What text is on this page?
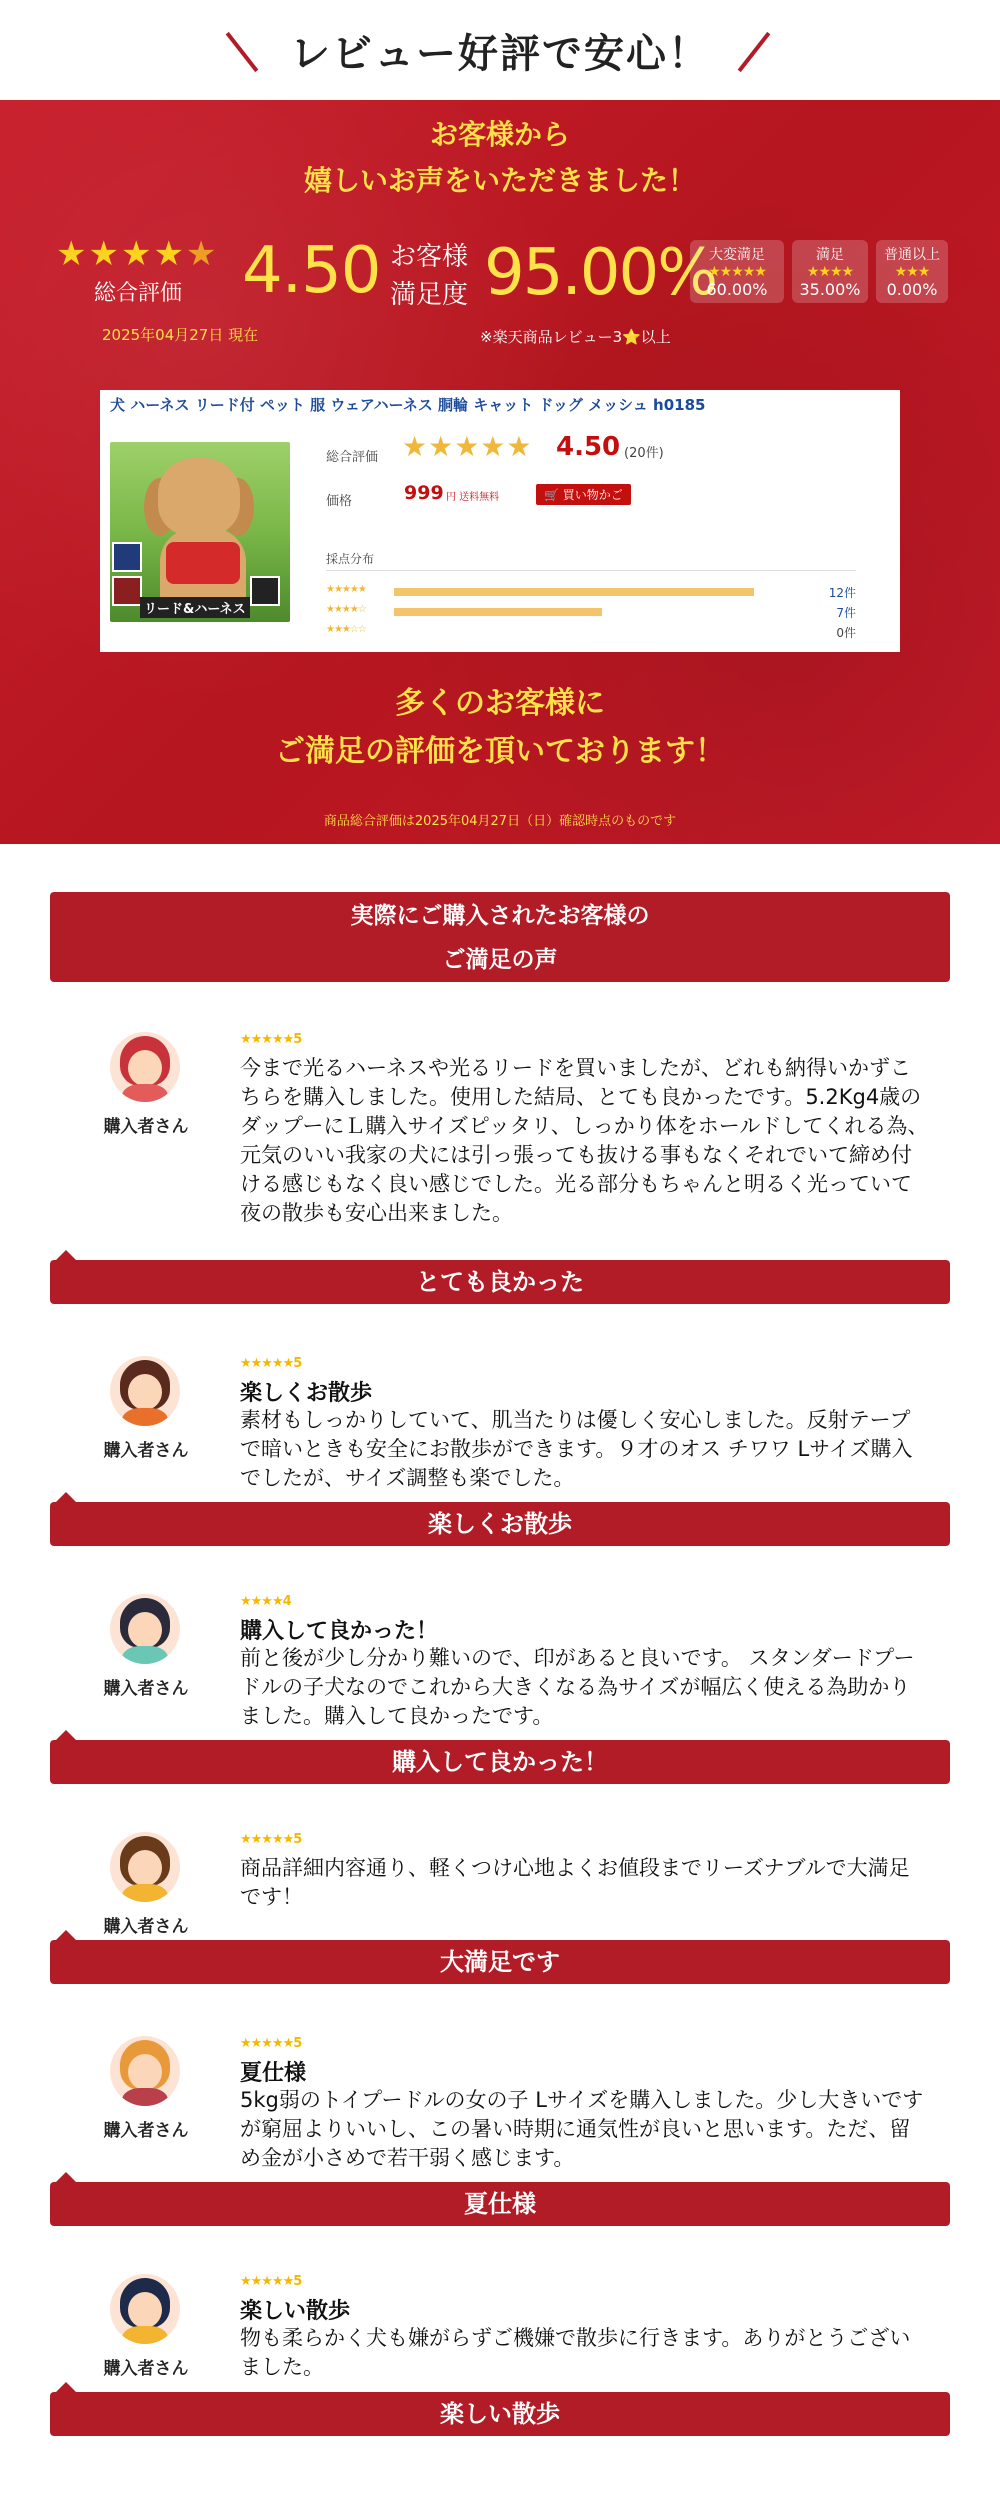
レビュー好評で安心！
お客様から
嬉しいお声をいただきました！
★★★★★
総合評価
2025年04月27日 現在
4.50 お客様
満足度 95.00%
※楽天商品レビュー3⭐以上
大変満足
★★★★★
60.00%
満足
★★★★
35.00%
普通以上
★★★
0.00%
犬 ハーネス リード付 ペット 服 ウェアハーネス 胴輪 キャット ドッグ メッシュ h0185
リード&ハーネス
総合評価 ★★★★★ 4.50 (20件)
価格	999 円 送料無料	🛒 買い物かご
採点分布
★★★★★	12件
★★★★☆	7件
★★★☆☆	0件
多くのお客様に
ご満足の評価を頂いております！
商品総合評価は2025年04月27日（日）確認時点のものです
実際にご購入されたお客様の
ご満足の声
購入者さん
★★★★★5
今まで光るハーネスや光るリードを買いましたが、どれも納得いかずこちらを購入しました。使用した結局、とても良かったです。5.2Kg4歳のダップーにＬ購入サイズピッタリ、しっかり体をホールドしてくれる為、元気のいい我家の犬には引っ張っても抜ける事もなくそれでいて締め付ける感じもなく良い感じでした。光る部分もちゃんと明るく光っていて夜の散歩も安心出来ました。
とても良かった
購入者さん
★★★★★5
楽しくお散歩
素材もしっかりしていて、肌当たりは優しく安心しました。反射テープで暗いときも安全にお散歩ができます。９才のオス チワワ Lサイズ購入でしたが、サイズ調整も楽でした。
楽しくお散歩
購入者さん
★★★★4
購入して良かった！
前と後が少し分かり難いので、印があると良いです。 スタンダードプードルの子犬なのでこれから大きくなる為サイズが幅広く使える為助かりました。購入して良かったです。
購入して良かった！
購入者さん
★★★★★5
商品詳細内容通り、軽くつけ心地よくお値段までリーズナブルで大満足です！
大満足です
購入者さん
★★★★★5
夏仕様
5kg弱のトイプードルの女の子 Lサイズを購入しました。少し大きいですが窮屈よりいいし、この暑い時期に通気性が良いと思います。ただ、留め金が小さめで若干弱く感じます。
夏仕様
購入者さん
★★★★★5
楽しい散歩
物も柔らかく犬も嫌がらずご機嫌で散歩に行きます。ありがとうございました。
楽しい散歩
